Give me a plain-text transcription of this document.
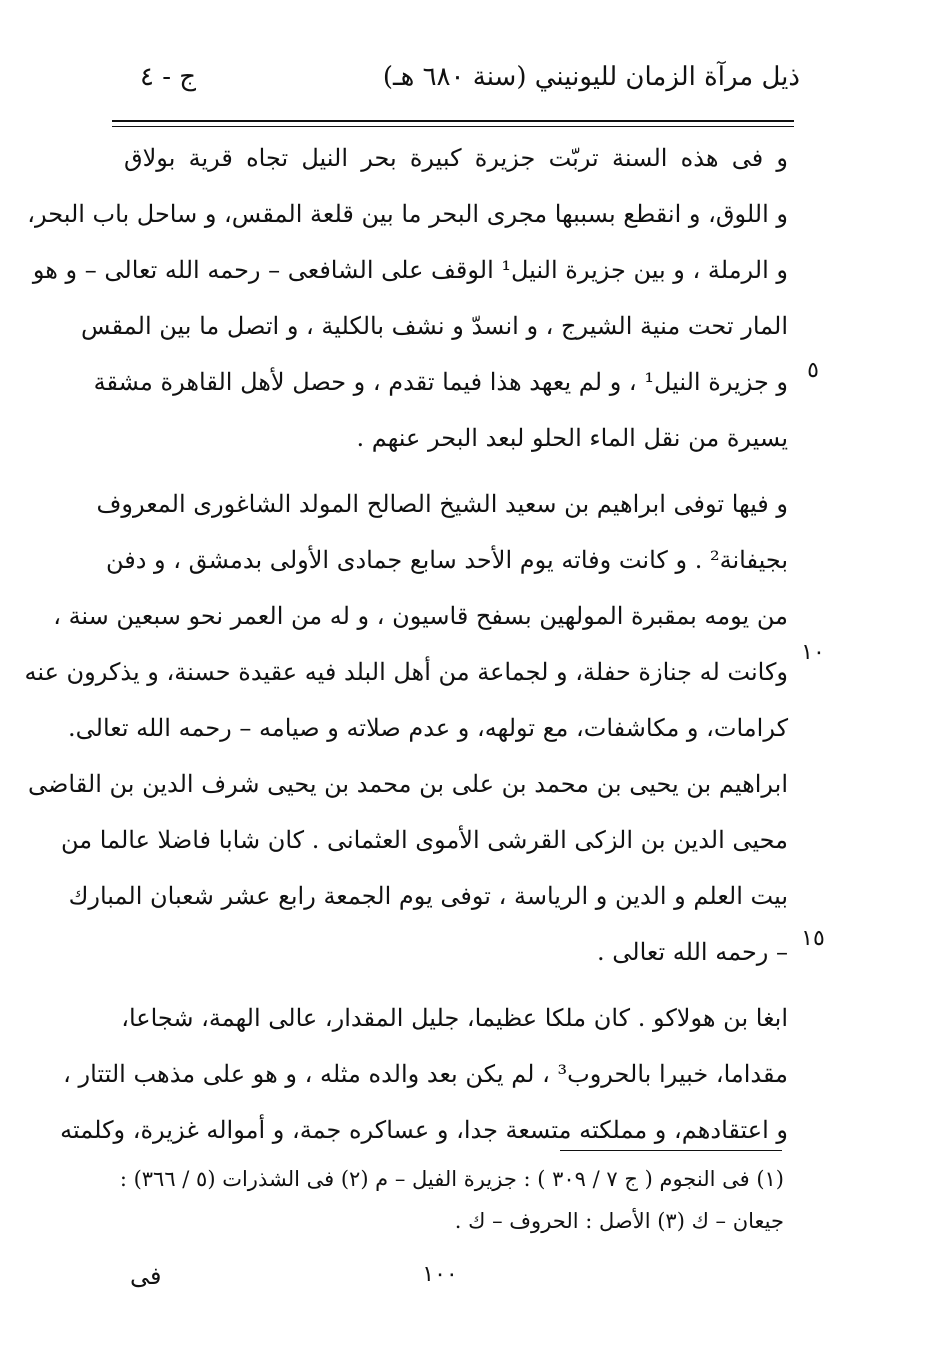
ذيل مرآة الزمان لليونيني (سنة ٦٨٠ هـ)
ج - ٤
و فى هذه السنة تربّت جزيرة كبيرة بحر النيل تجاه قرية بولاق
و اللوق، و انقطع بسببها مجرى البحر ما بين قلعة المقس، و ساحل باب البحر،
و الرملة ، و بين جزيرة النيل¹ الوقف على الشافعى – رحمه الله تعالى – و هو
المار تحت منية الشيرج ، و انسدّ و نشف بالكلية ، و اتصل ما بين المقس
و جزيرة النيل¹ ، و لم يعهد هذا فيما تقدم ، و حصل لأهل القاهرة مشقة
يسيرة من نقل الماء الحلو لبعد البحر عنهم .
و فيها توفى ابراهيم بن سعيد الشيخ الصالح المولد الشاغورى المعروف
بجيفانة² . و كانت وفاته يوم الأحد سابع جمادى الأولى بدمشق ، و دفن
من يومه بمقبرة المولهين بسفح قاسيون ، و له من العمر نحو سبعين سنة ،
وكانت له جنازة حفلة، و لجماعة من أهل البلد فيه عقيدة حسنة، و يذكرون عنه
كرامات، و مكاشفات، مع تولهه، و عدم صلاته و صيامه – رحمه الله تعالى.
ابراهيم بن يحيى بن محمد بن على بن محمد بن يحيى شرف الدين بن القاضى
محيى الدين بن الزكى القرشى الأموى العثمانى . كان شابا فاضلا عالما من
بيت العلم و الدين و الرياسة ، توفى يوم الجمعة رابع عشر شعبان المبارك
– رحمه الله تعالى .
ابغا بن هولاكو . كان ملكا عظيما، جليل المقدار، عالى الهمة، شجاعا،
مقداما، خبيرا بالحروب³ ، لم يكن بعد والده مثله ، و هو على مذهب التتار ،
و اعتقادهم، و مملكته متسعة جدا، و عساكره جمة، و أمواله غزيرة، وكلمته
٥
١٠
١٥
(١) فى النجوم ( ج ٧ / ٣٠٩ ) : جزيرة الفيل – م (٢) فى الشذرات (٥ / ٣٦٦) :
جيعان – ك (٣) الأصل : الحروف – ك .
١٠٠
فى
